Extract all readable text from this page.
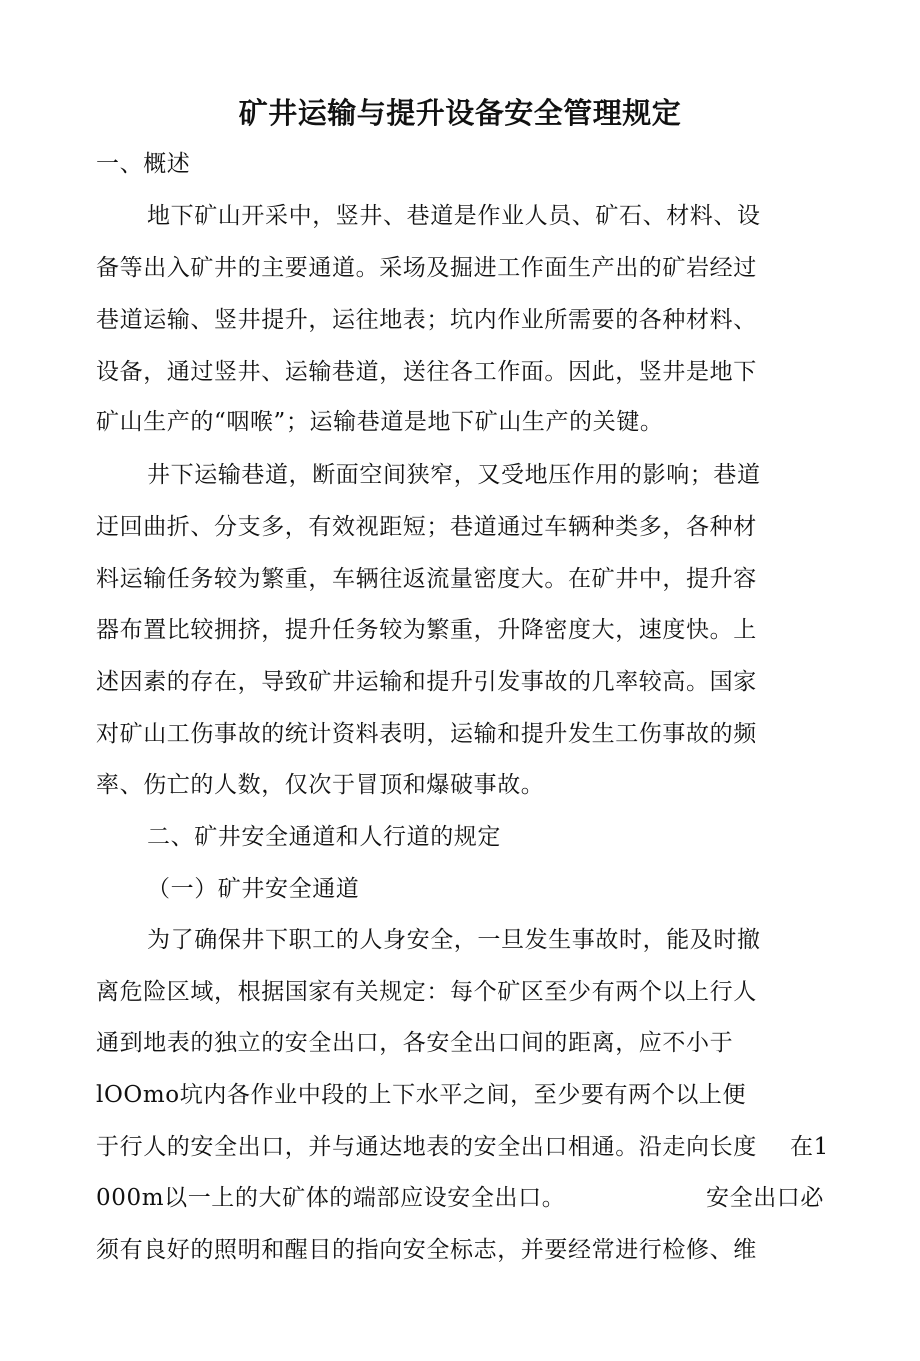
矿井运输与提升设备安全管理规定
一、概述
地下矿山开采中，竖井、巷道是作业人员、矿石、材料、设
备等出入矿井的主要通道。采场及掘进工作面生产出的矿岩经过
巷道运输、竖井提升，运往地表；坑内作业所需要的各种材料、
设备，通过竖井、运输巷道，送往各工作面。因此，竖井是地下
矿山生产的“咽喉”；运输巷道是地下矿山生产的关键。
井下运输巷道，断面空间狭窄，又受地压作用的影响；巷道
迂回曲折、分支多，有效视距短；巷道通过车辆种类多，各种材
料运输任务较为繁重，车辆往返流量密度大。在矿井中，提升容
器布置比较拥挤，提升任务较为繁重，升降密度大，速度快。上
述因素的存在，导致矿井运输和提升引发事故的几率较高。国家
对矿山工伤事故的统计资料表明，运输和提升发生工伤事故的频
率、伤亡的人数，仅次于冒顶和爆破事故。
二、矿井安全通道和人行道的规定
（一）矿井安全通道
为了确保井下职工的人身安全，一旦发生事故时，能及时撤
离危险区域，根据国家有关规定：每个矿区至少有两个以上行人
通到地表的独立的安全出口，各安全出口间的距离，应不小于
lOOmo坑内各作业中段的上下水平之间，至少要有两个以上便
于行人的安全出口，并与通达地表的安全出口相通。沿走向长度 在1
000m以一上的大矿体的端部应设安全出口。	安全出口必
须有良好的照明和醒目的指向安全标志，并要经常进行检修、维
